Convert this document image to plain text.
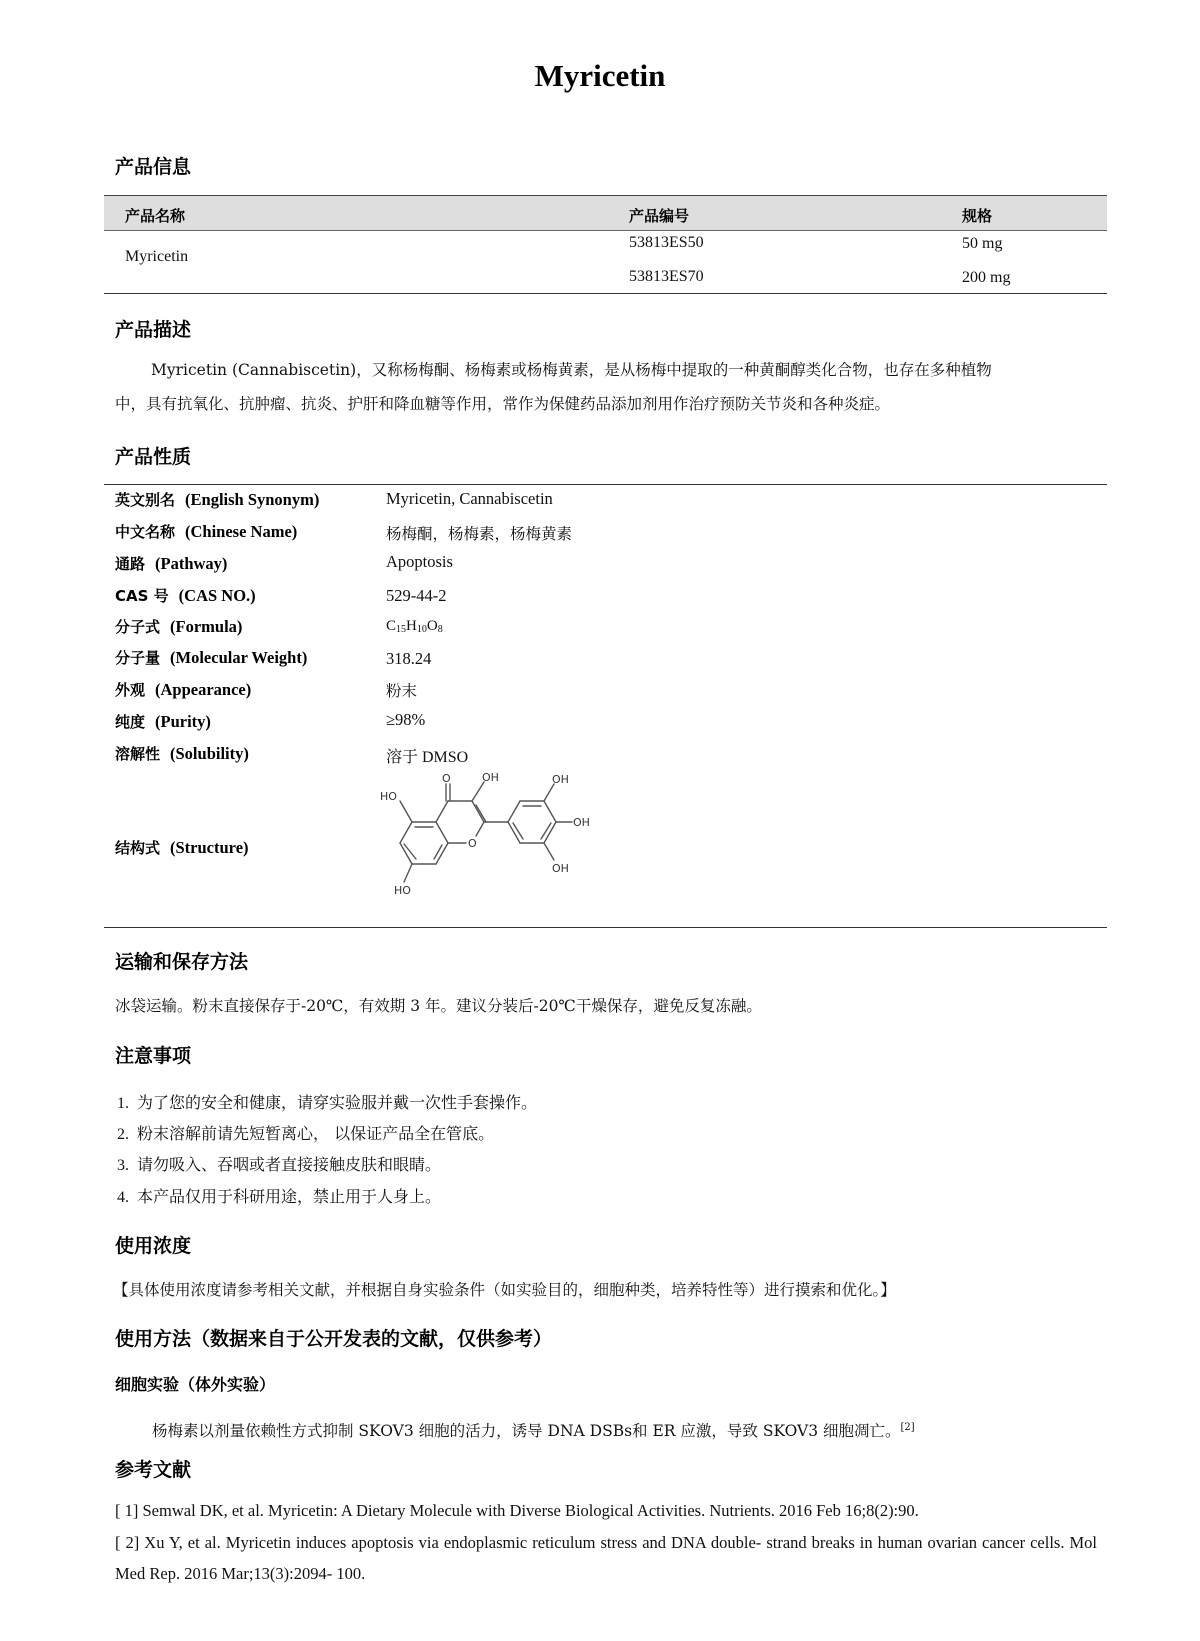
Myricetin
产品信息
产品名称	产品编号	规格
Myricetin
53813ES50	50 mg
53813ES70	200 mg
产品描述
Myricetin (Cannabiscetin)，又称杨梅酮、杨梅素或杨梅黄素，是从杨梅中提取的一种黄酮醇类化合物，也存在多种植物
中，具有抗氧化、抗肿瘤、抗炎、护肝和降血糖等作用，常作为保健药品添加剂用作治疗预防关节炎和各种炎症。
产品性质
英文别名 (English Synonym)	Myricetin, Cannabiscetin
中文名称 (Chinese Name)	杨梅酮，杨梅素，杨梅黄素
通路 (Pathway)	Apoptosis
CAS 号 (CAS NO.)	529-44-2
分子式 (Formula)	$C_{15}H_{10}O_8$
分子量 (Molecular Weight)	318.24
外观 (Appearance)	粉末
纯度 (Purity)	≥98%
溶解性 (Solubility)	溶于 DMSO
结构式 (Structure)
O	OH
HO
O
HO
OH
OH
OH
运输和保存方法
冰袋运输。粉末直接保存于-20℃，有效期 3 年。建议分装后-20℃干燥保存，避免反复冻融。
注意事项
1. 为了您的安全和健康，请穿实验服并戴一次性手套操作。
2. 粉末溶解前请先短暂离心， 以保证产品全在管底。
3. 请勿吸入、吞咽或者直接接触皮肤和眼睛。
4. 本产品仅用于科研用途，禁止用于人身上。
使用浓度
【具体使用浓度请参考相关文献，并根据自身实验条件（如实验目的，细胞种类，培养特性等）进行摸索和优化。】
使用方法（数据来自于公开发表的文献，仅供参考）
细胞实验（体外实验）
杨梅素以剂量依赖性方式抑制 SKOV3 细胞的活力，诱导 DNA DSBs和 ER 应激，导致 SKOV3 细胞凋亡。[2]
参考文献
[ 1] Semwal DK, et al. Myricetin: A Dietary Molecule with Diverse Biological Activities. Nutrients. 2016 Feb 16;8(2):90.
[ 2] Xu Y, et al. Myricetin induces apoptosis via endoplasmic reticulum stress and DNA double- strand breaks in human ovarian cancer cells. Mol Med Rep. 2016 Mar;13(3):2094- 100.
